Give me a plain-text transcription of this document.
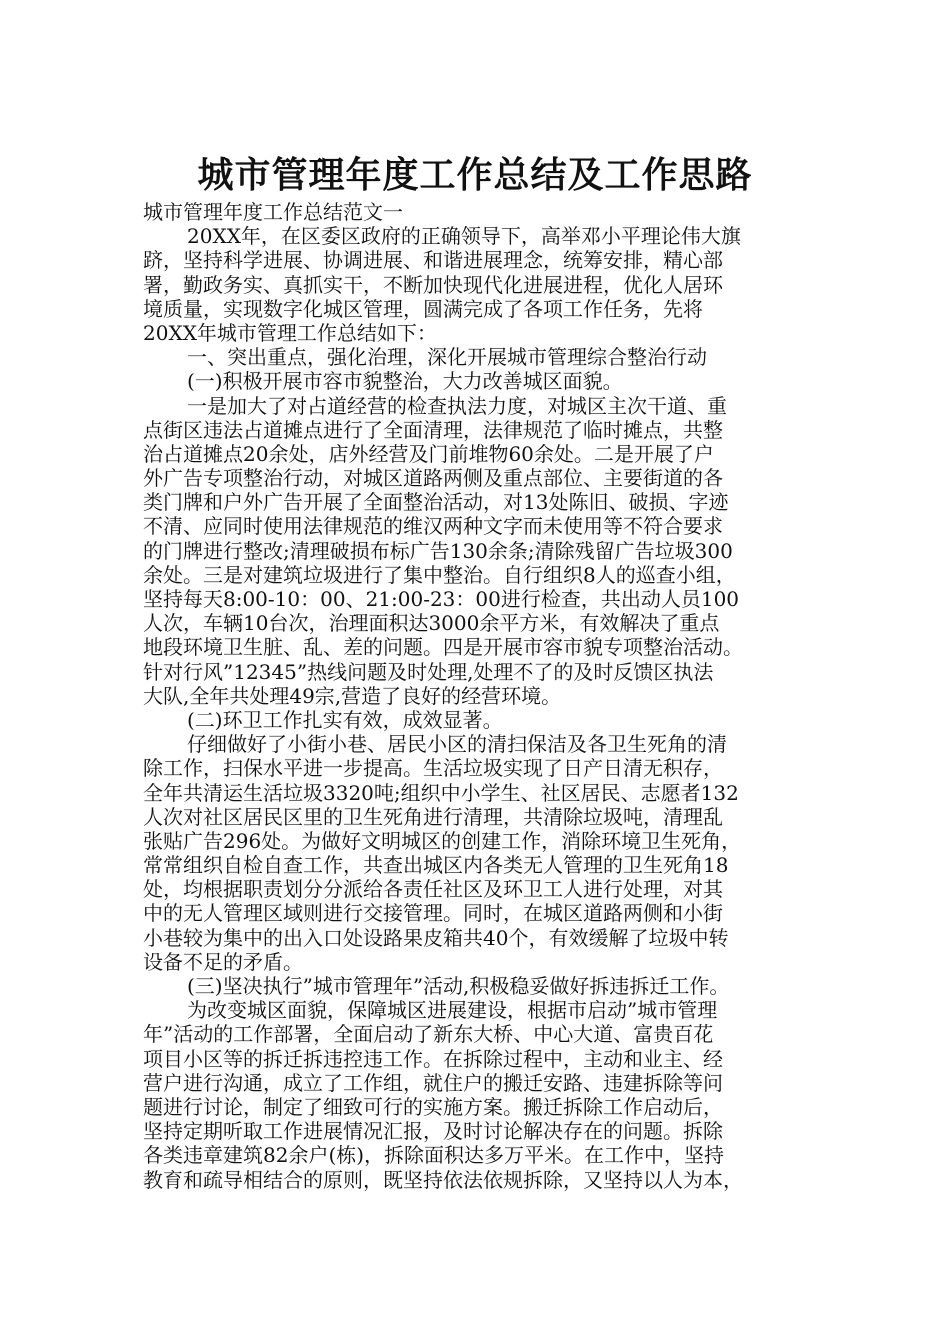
城市管理年度工作总结及工作思路
城市管理年度工作总结范文一
20XX年，在区委区政府的正确领导下，高举邓小平理论伟大旗
跻，坚持科学进展、协调进展、和谐进展理念，统筹安排，精心部
署，勤政务实、真抓实干，不断加快现代化进展进程，优化人居环
境质量，实现数字化城区管理，圆满完成了各项工作任务，先将
20XX年城市管理工作总结如下：
一、突出重点，强化治理，深化开展城市管理综合整治行动
(一)积极开展市容市貌整治，大力改善城区面貌。
一是加大了对占道经营的检查执法力度，对城区主次干道、重
点街区违法占道摊点进行了全面清理，法律规范了临时摊点，共整
治占道摊点20余处，店外经营及门前堆物60余处。二是开展了户
外广告专项整治行动，对城区道路两侧及重点部位、主要街道的各
类门牌和户外广告开展了全面整治活动，对13处陈旧、破损、字迹
不清、应同时使用法律规范的维汉两种文字而未使用等不符合要求
的门牌进行整改;清理破损布标广告130余条;清除残留广告垃圾300
余处。三是对建筑垃圾进行了集中整治。自行组织8人的巡查小组，
坚持每天8:00-10：00、21:00-23：00进行检查，共出动人员100
人次，车辆10台次，治理面积达3000余平方米，有效解决了重点
地段环境卫生脏、乱、差的问题。四是开展市容市貌专项整治活动。
针对行风”12345”热线问题及时处理,处理不了的及时反馈区执法
大队,全年共处理49宗,营造了良好的经营环境。
(二)环卫工作扎实有效，成效显著。
仔细做好了小街小巷、居民小区的清扫保洁及各卫生死角的清
除工作，扫保水平进一步提高。生活垃圾实现了日产日清无积存，
全年共清运生活垃圾3320吨;组织中小学生、社区居民、志愿者132
人次对社区居民区里的卫生死角进行清理，共清除垃圾吨，清理乱
张贴广告296处。为做好文明城区的创建工作，消除环境卫生死角，
常常组织自检自查工作，共查出城区内各类无人管理的卫生死角18
处，均根据职责划分分派给各责任社区及环卫工人进行处理，对其
中的无人管理区域则进行交接管理。同时，在城区道路两侧和小街
小巷较为集中的出入口处设路果皮箱共40个，有效缓解了垃圾中转
设备不足的矛盾。
(三)坚决执行”城市管理年”活动,积极稳妥做好拆违拆迁工作。
为改变城区面貌，保障城区进展建设，根据市启动”城市管理
年”活动的工作部署，全面启动了新东大桥、中心大道、富贵百花
项目小区等的拆迁拆违控违工作。在拆除过程中，主动和业主、经
营户进行沟通，成立了工作组，就住户的搬迁安路、违建拆除等问
题进行讨论，制定了细致可行的实施方案。搬迁拆除工作启动后，
坚持定期听取工作进展情况汇报，及时讨论解决存在的问题。拆除
各类违章建筑82余户(栋)，拆除面积达多万平米。在工作中，坚持
教育和疏导相结合的原则，既坚持依法依规拆除，又坚持以人为本，
